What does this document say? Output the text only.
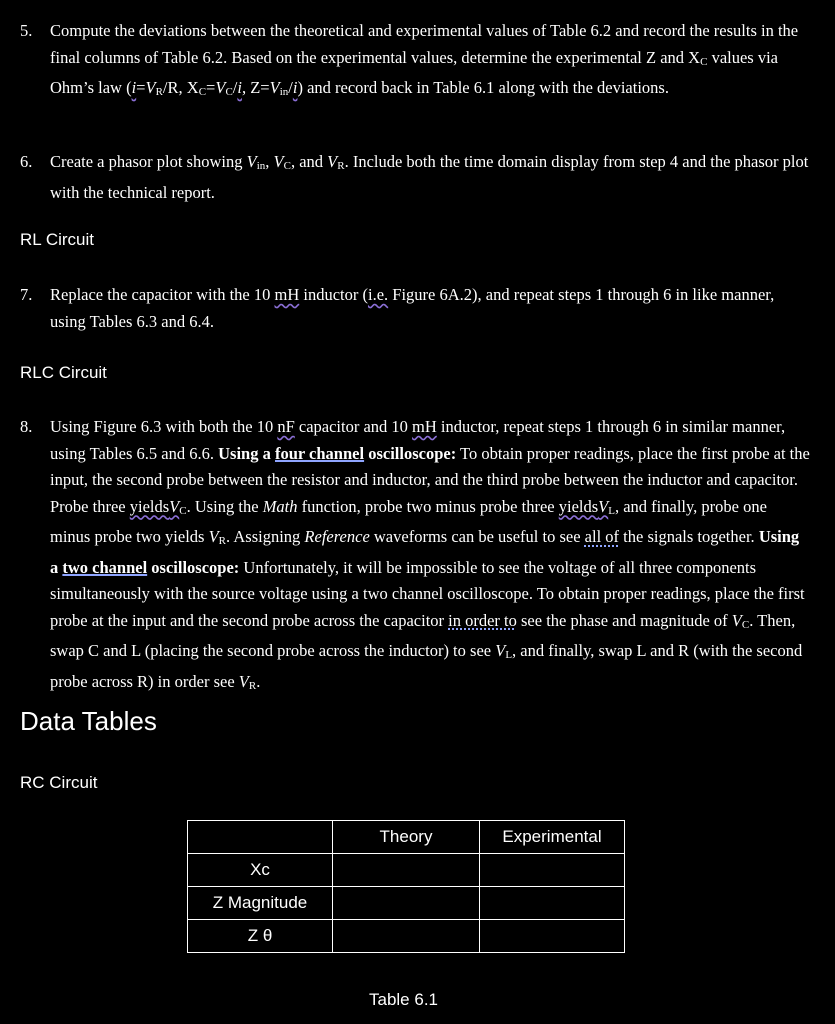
5.	Compute the deviations between the theoretical and experimental values of Table 6.2 and record the results in the final columns of Table 6.2. Based on the experimental values, determine the experimental Z and XC values via Ohm’s law (i=VR/R, XC=VC/i, Z=Vin/i) and record back in Table 6.1 along with the deviations.
6.	Create a phasor plot showing Vin, VC, and VR. Include both the time domain display from step 4 and the phasor plot with the technical report.
RL Circuit
7.	Replace the capacitor with the 10 mH inductor (i.e. Figure 6A.2), and repeat steps 1 through 6 in like manner, using Tables 6.3 and 6.4.
RLC Circuit
8.	Using Figure 6.3 with both the 10 nF capacitor and 10 mH inductor, repeat steps 1 through 6 in similar manner, using Tables 6.5 and 6.6. Using a four channel oscilloscope: To obtain proper readings, place the first probe at the input, the second probe between the resistor and inductor, and the third probe between the inductor and capacitor. Probe three yieldsVC. Using the Math function, probe two minus probe three yieldsVL, and finally, probe one minus probe two yields VR. Assigning Reference waveforms can be useful to see all of the signals together. Using a two channel oscilloscope: Unfortunately, it will be impossible to see the voltage of all three components simultaneously with the source voltage using a two channel oscilloscope. To obtain proper readings, place the first probe at the input and the second probe across the capacitor in order to see the phase and magnitude of VC. Then, swap C and L (placing the second probe across the inductor) to see VL, and finally, swap L and R (with the second probe across R) in order see VR.
Data Tables
RC Circuit
	Theory	Experimental
Xc		
Z Magnitude		
Z θ		
Table 6.1
